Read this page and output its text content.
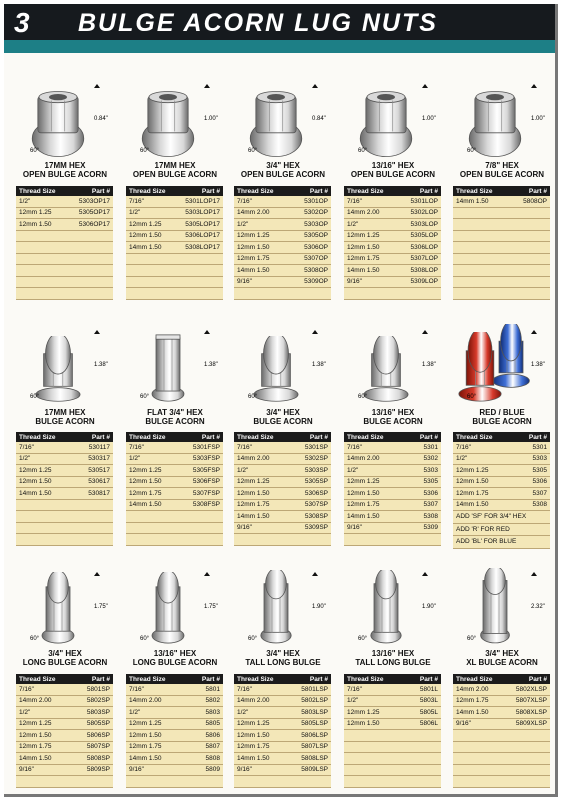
3 BULGE ACORN LUG NUTS
0.84"
60°
17MM HEX
OPEN BULGE ACORN
Thread Size	Part #
1/2"	5303OP17
12mm 1.25	5305OP17
12mm 1.50	5306OP17
1.00"
60°
17MM HEX
OPEN BULGE ACORN
Thread Size	Part #
7/16"	5301LOP17
1/2"	5303LOP17
12mm 1.25	5305LOP17
12mm 1.50	5306LOP17
14mm 1.50	5308LOP17
0.84"
60°
3/4" HEX
OPEN BULGE ACORN
Thread Size	Part #
7/16"	5301OP
14mm 2.00	5302OP
1/2"	5303OP
12mm 1.25	5305OP
12mm 1.50	5306OP
12mm 1.75	5307OP
14mm 1.50	5308OP
9/16"	5309OP
1.00"
60°
13/16" HEX
OPEN BULGE ACORN
Thread Size	Part #
7/16"	5301LOP
14mm 2.00	5302LOP
1/2"	5303LOP
12mm 1.25	5305LOP
12mm 1.50	5306LOP
12mm 1.75	5307LOP
14mm 1.50	5308LOP
9/16"	5309LOP
1.00"
60°
7/8" HEX
OPEN BULGE ACORN
Thread Size	Part #
14mm 1.50	5808OP
1.38"
60°
17MM HEX
BULGE ACORN
Thread Size	Part #
7/16"	530117
1/2"	530317
12mm 1.25	530517
12mm 1.50	530617
14mm 1.50	530817
1.38"
60°
FLAT 3/4" HEX
BULGE ACORN
Thread Size	Part #
7/16"	5301FSP
1/2"	5303FSP
12mm 1.25	5305FSP
12mm 1.50	5306FSP
12mm 1.75	5307FSP
14mm 1.50	5308FSP
1.38"
60°
3/4" HEX
BULGE ACORN
Thread Size	Part #
7/16"	5301SP
14mm 2.00	5302SP
1/2"	5303SP
12mm 1.25	5305SP
12mm 1.50	5306SP
12mm 1.75	5307SP
14mm 1.50	5308SP
9/16"	5309SP
1.38"
60°
13/16" HEX
BULGE ACORN
Thread Size	Part #
7/16"	5301
14mm 2.00	5302
1/2"	5303
12mm 1.25	5305
12mm 1.50	5306
12mm 1.75	5307
14mm 1.50	5308
9/16"	5309
1.38"
60°
RED / BLUE
BULGE ACORN
Thread Size	Part #
7/16"	5301
1/2"	5303
12mm 1.25	5305
12mm 1.50	5306
12mm 1.75	5307
14mm 1.50	5308
ADD 'SF' FOR 3/4" HEX
ADD 'R' FOR RED
ADD 'BL' FOR BLUE
1.75"
60°
3/4" HEX
LONG BULGE ACORN
Thread Size	Part #
7/16"	5801SP
14mm 2.00	5802SP
1/2"	5803SP
12mm 1.25	5805SP
12mm 1.50	5806SP
12mm 1.75	5807SP
14mm 1.50	5808SP
9/16"	5809SP
1.75"
60°
13/16" HEX
LONG BULGE ACORN
Thread Size	Part #
7/16"	5801
14mm 2.00	5802
1/2"	5803
12mm 1.25	5805
12mm 1.50	5806
12mm 1.75	5807
14mm 1.50	5808
9/16"	5809
1.90"
60°
3/4" HEX
TALL LONG BULGE
Thread Size	Part #
7/16"	5801LSP
14mm 2.00	5802LSP
1/2"	5803LSP
12mm 1.25	5805LSP
12mm 1.50	5806LSP
12mm 1.75	5807LSP
14mm 1.50	5808LSP
9/16"	5809LSP
1.90"
60°
13/16" HEX
TALL LONG BULGE
Thread Size	Part #
7/16"	5801L
1/2"	5803L
12mm 1.25	5805L
12mm 1.50	5806L
2.32"
60°
3/4" HEX
XL BULGE ACORN
Thread Size	Part #
14mm 2.00	5802XLSP
12mm 1.75	5807XLSP
14mm 1.50	5808XLSP
9/16"	5809XLSP
